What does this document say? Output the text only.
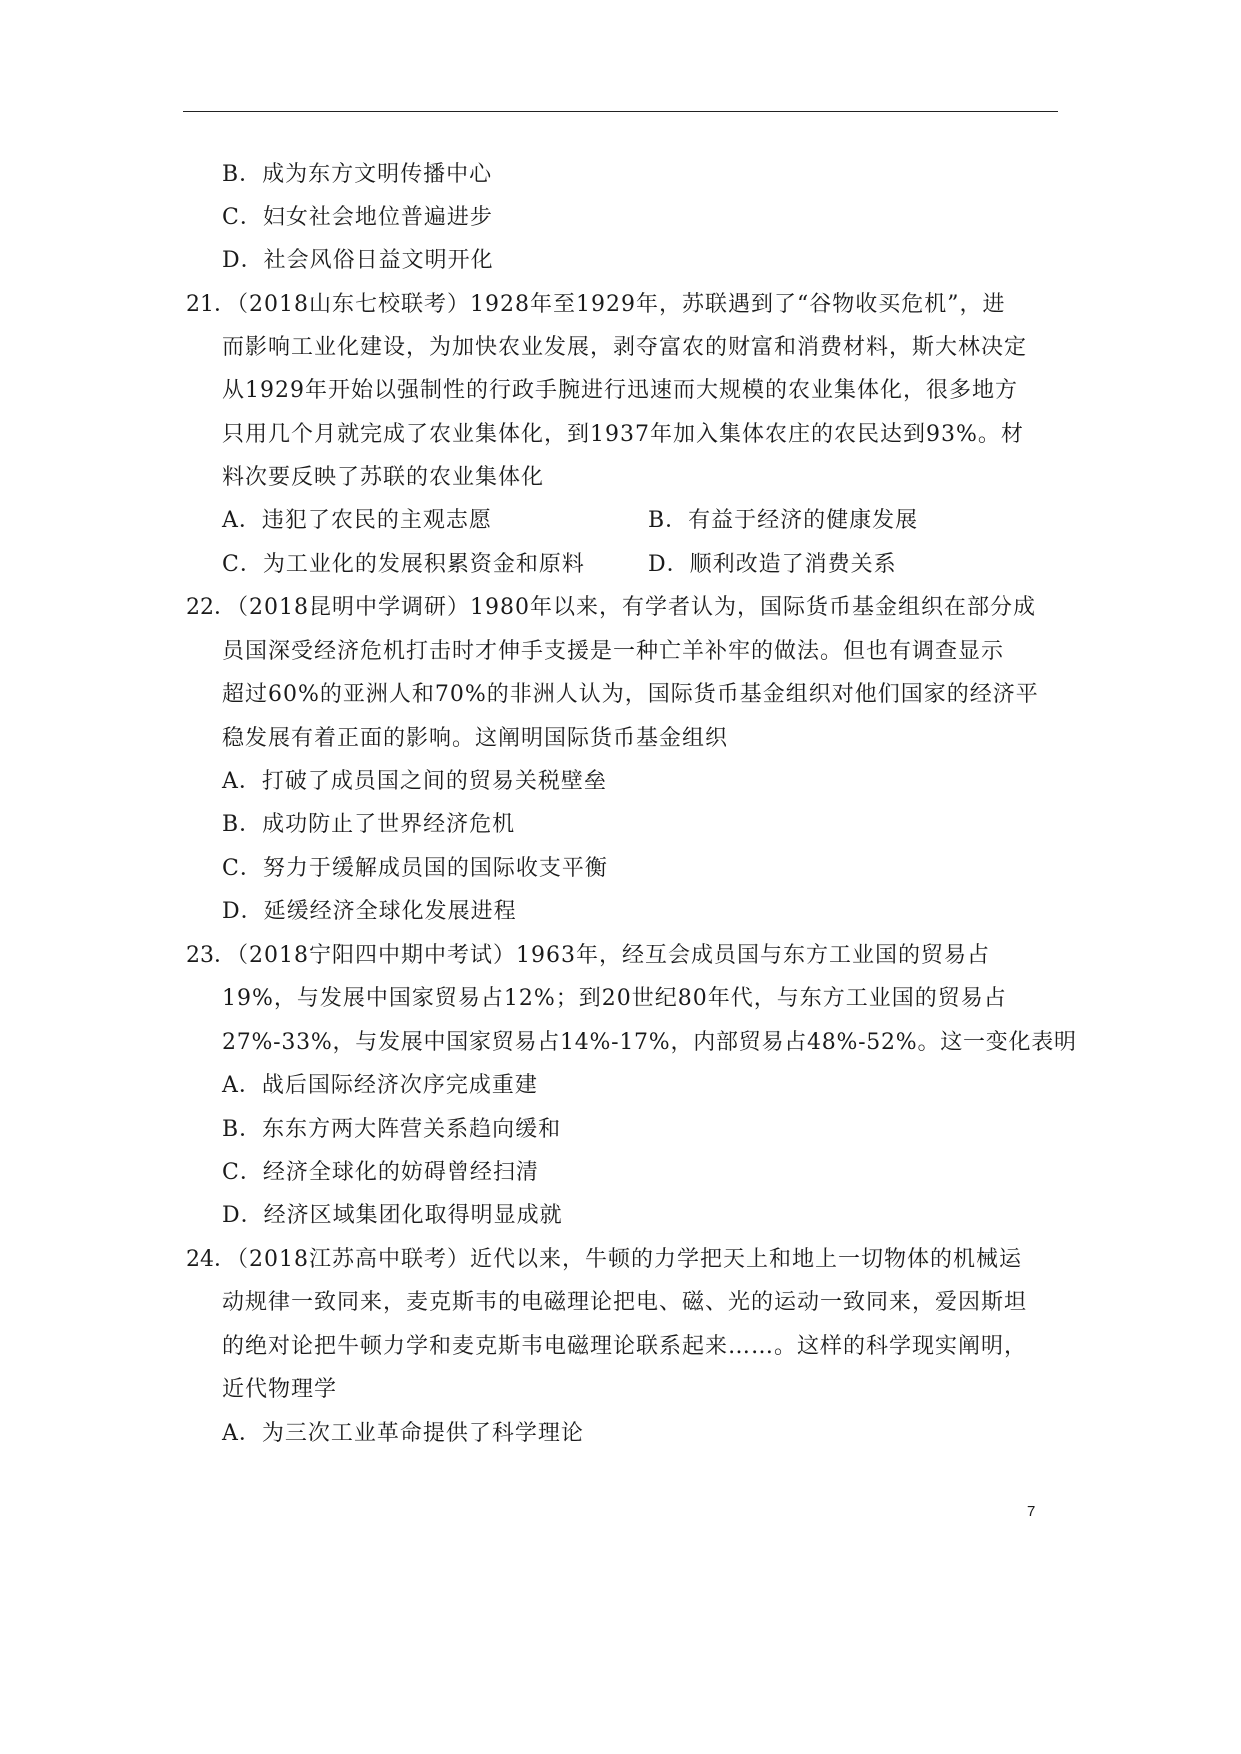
B．成为东方文明传播中心
C．妇女社会地位普遍进步
D．社会风俗日益文明开化
21．
（2018山东七校联考）1928年至1929年，苏联遇到了“谷物收买危机”，进
而影响工业化建设，为加快农业发展，剥夺富农的财富和消费材料，斯大林决定
从1929年开始以强制性的行政手腕进行迅速而大规模的农业集体化，很多地方
只用几个月就完成了农业集体化，到1937年加入集体农庄的农民达到93%。材
料次要反映了苏联的农业集体化
A．违犯了农民的主观志愿	B．有益于经济的健康发展
C．为工业化的发展积累资金和原料	D．顺利改造了消费关系
22．
（2018昆明中学调研）1980年以来，有学者认为，国际货币基金组织在部分成
员国深受经济危机打击时才伸手支援是一种亡羊补牢的做法。但也有调查显示
超过60%的亚洲人和70%的非洲人认为，国际货币基金组织对他们国家的经济平
稳发展有着正面的影响。这阐明国际货币基金组织
A．打破了成员国之间的贸易关税壁垒
B．成功防止了世界经济危机
C．努力于缓解成员国的国际收支平衡
D．延缓经济全球化发展进程
23．
（2018宁阳四中期中考试）1963年，经互会成员国与东方工业国的贸易占
19%，与发展中国家贸易占12%；到20世纪80年代，与东方工业国的贸易占
27%-33%，与发展中国家贸易占14%-17%，内部贸易占48%-52%。这一变化表明
A．战后国际经济次序完成重建
B．东东方两大阵营关系趋向缓和
C．经济全球化的妨碍曾经扫清
D．经济区域集团化取得明显成就
24．
（2018江苏高中联考）近代以来，牛顿的力学把天上和地上一切物体的机械运
动规律一致同来，麦克斯韦的电磁理论把电、磁、光的运动一致同来，爱因斯坦
的绝对论把牛顿力学和麦克斯韦电磁理论联系起来……。这样的科学现实阐明，
近代物理学
A．为三次工业革命提供了科学理论
7
